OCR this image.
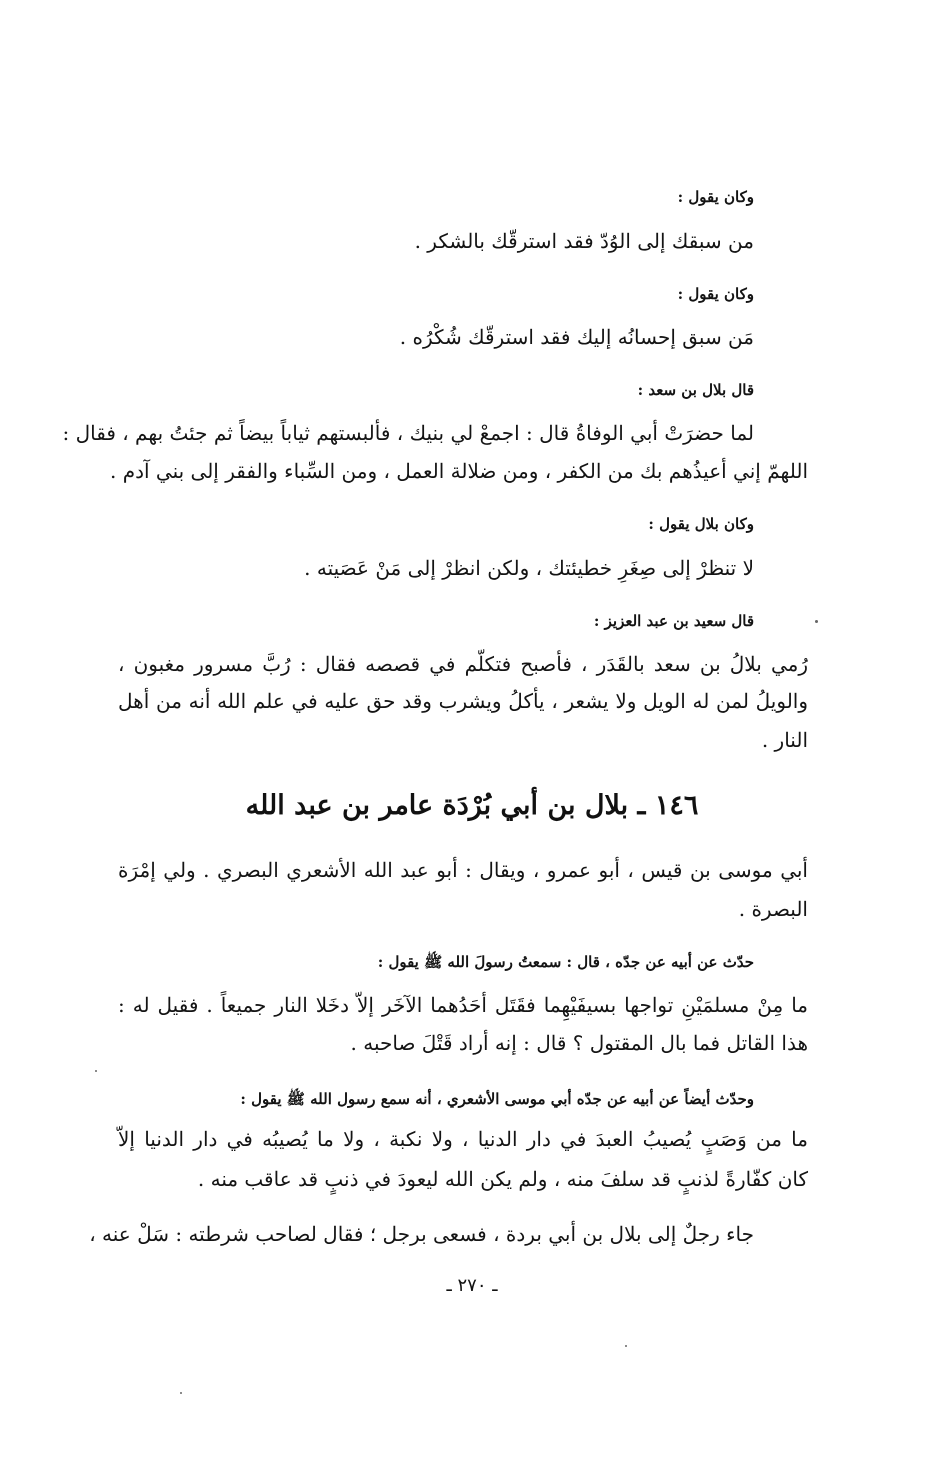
وكان يقول :
من سبقك إلى الوُدّ فقد استرقّك بالشكر .
وكان يقول :
مَن سبق إحسانُه إليك فقد استرقّك شُكْرُه .
قال بلال بن سعد :
لما حضرَتْ أبي الوفاةُ قال : اجمعْ لي بنيك ، فألبستهم ثياباً بيضاً ثم جئتُ بهم ، فقال :
اللهمّ إني أعيذُهم بك من الكفر ، ومن ضلالة العمل ، ومن السِّباء والفقر إلى بني آدم .
وكان بلال يقول :
لا تنظرْ إلى صِغَرِ خطيئتك ، ولكن انظرْ إلى مَنْ عَصَيته .
قال سعيد بن عبد العزيز :
رُمي بلالُ بن سعد بالقَدَر ، فأصبح فتكلّم في قصصه فقال : رُبَّ مسرور مغبون ،
والويلُ لمن له الويل ولا يشعر ، يأكلُ ويشرب وقد حق عليه في علم الله أنه من أهل
النار .
١٤٦ ـ بلال بن أبي بُرْدَة عامر بن عبد الله
أبي موسى بن قيس ، أبو عمرو ، ويقال : أبو عبد الله الأشعري البصري . ولي إمْرَة
البصرة .
حدّث عن أبيه عن جدّه ، قال : سمعتُ رسولَ الله ﷺ يقول :
ما مِنْ مسلمَيْنِ تواجها بسيفَيْهِما فقَتَل أحَدُهما الآخَر إلاّ دخَلا النار جميعاً . فقيل له :
هذا القاتل فما بال المقتول ؟ قال : إنه أراد قَتْلَ صاحبه .
وحدّث أيضاً عن أبيه عن جدّه أبي موسى الأشعري ، أنه سمع رسول الله ﷺ يقول :
ما من وَصَبٍ يُصيبُ العبدَ في دار الدنيا ، ولا نكبة ، ولا ما يُصيبُه في دار الدنيا إلاّ
كان كفّارةً لذنبٍ قد سلفَ منه ، ولم يكن الله ليعودَ في ذنبٍ قد عاقب منه .
جاء رجلٌ إلى بلال بن أبي بردة ، فسعى برجل ؛ فقال لصاحب شرطته : سَلْ عنه ،
ـ ٢٧٠ ـ
